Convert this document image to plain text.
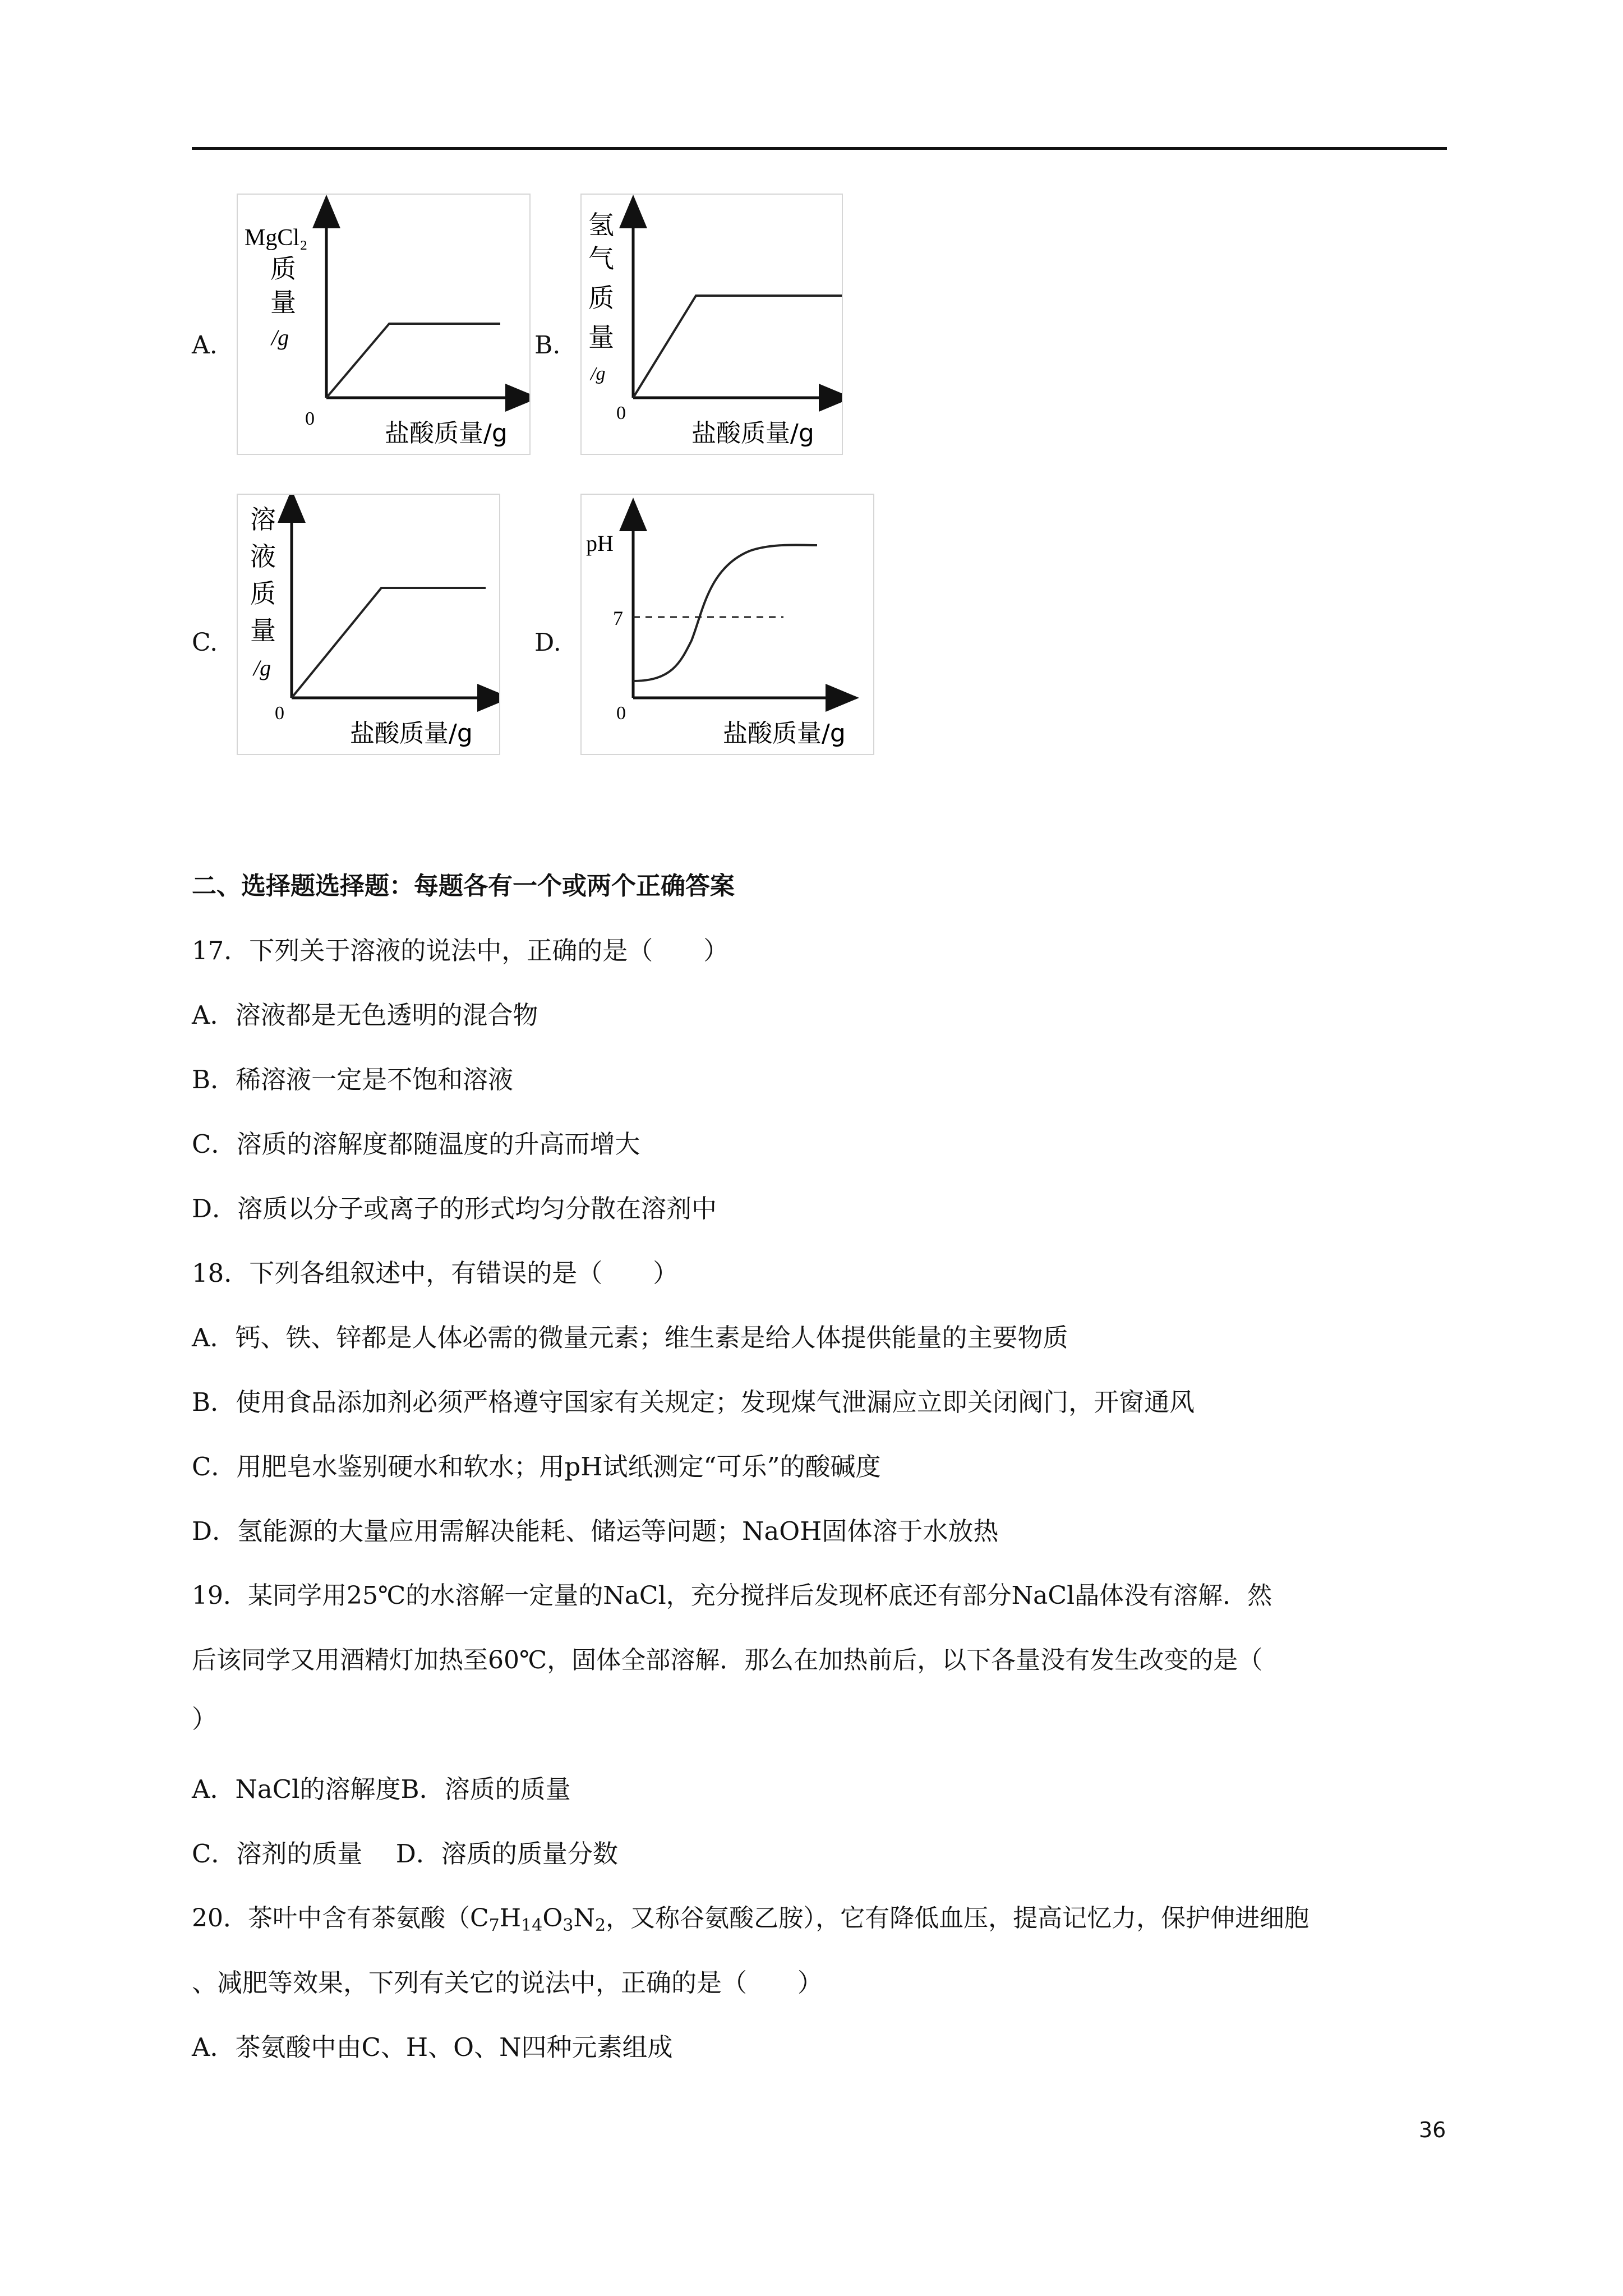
A.
MgCl₂
质
量
/g
0
盐酸质量/g
B.
氢
气
质
量
/g
0
盐酸质量/g
C.
溶
液
质
量
/g
0
盐酸质量/g
D.
pH
7
0
盐酸质量/g
二、选择题选择题：每题各有一个或两个正确答案
17．下列关于溶液的说法中，正确的是（　　）
A．溶液都是无色透明的混合物
B．稀溶液一定是不饱和溶液
C．溶质的溶解度都随温度的升高而增大
D．溶质以分子或离子的形式均匀分散在溶剂中
18．下列各组叙述中，有错误的是（　　）
A．钙、铁、锌都是人体必需的微量元素；维生素是给人体提供能量的主要物质
B．使用食品添加剂必须严格遵守国家有关规定；发现煤气泄漏应立即关闭阀门，开窗通风
C．用肥皂水鉴别硬水和软水；用pH试纸测定“可乐”的酸碱度
D．氢能源的大量应用需解决能耗、储运等问题；NaOH固体溶于水放热
19．某同学用25℃的水溶解一定量的NaCl，充分搅拌后发现杯底还有部分NaCl晶体没有溶解．然
后该同学又用酒精灯加热至60℃，固体全部溶解．那么在加热前后，以下各量没有发生改变的是（
）
A．NaCl的溶解度B．溶质的质量
C．溶剂的质量　 D．溶质的质量分数
20．茶叶中含有茶氨酸（$C_7H_{14}O_3N_2$，又称谷氨酸乙胺），它有降低血压，提高记忆力，保护伸进细胞
、减肥等效果，下列有关它的说法中，正确的是（　　）
A．茶氨酸中由C、H、O、N四种元素组成
36
